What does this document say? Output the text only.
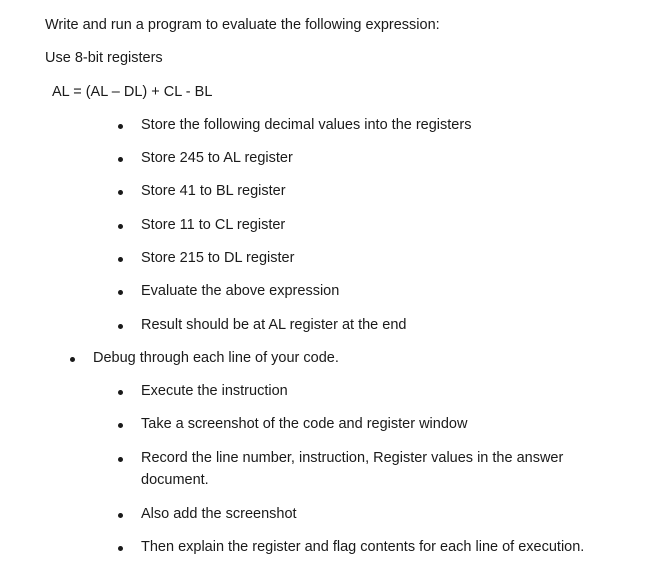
Write and run a program to evaluate the following expression:
Use 8-bit registers
AL = (AL – DL) + CL - BL
Store the following decimal values into the registers
Store 245 to AL register
Store 41 to BL register
Store 11 to CL register
Store 215 to DL register
Evaluate the above expression
Result should be at AL register at the end
Debug through each line of your code.
Execute the instruction
Take a screenshot of the code and register window
Record the line number, instruction, Register values in the answer document.
Also add the screenshot
Then explain the register and flag contents for each line of execution.
